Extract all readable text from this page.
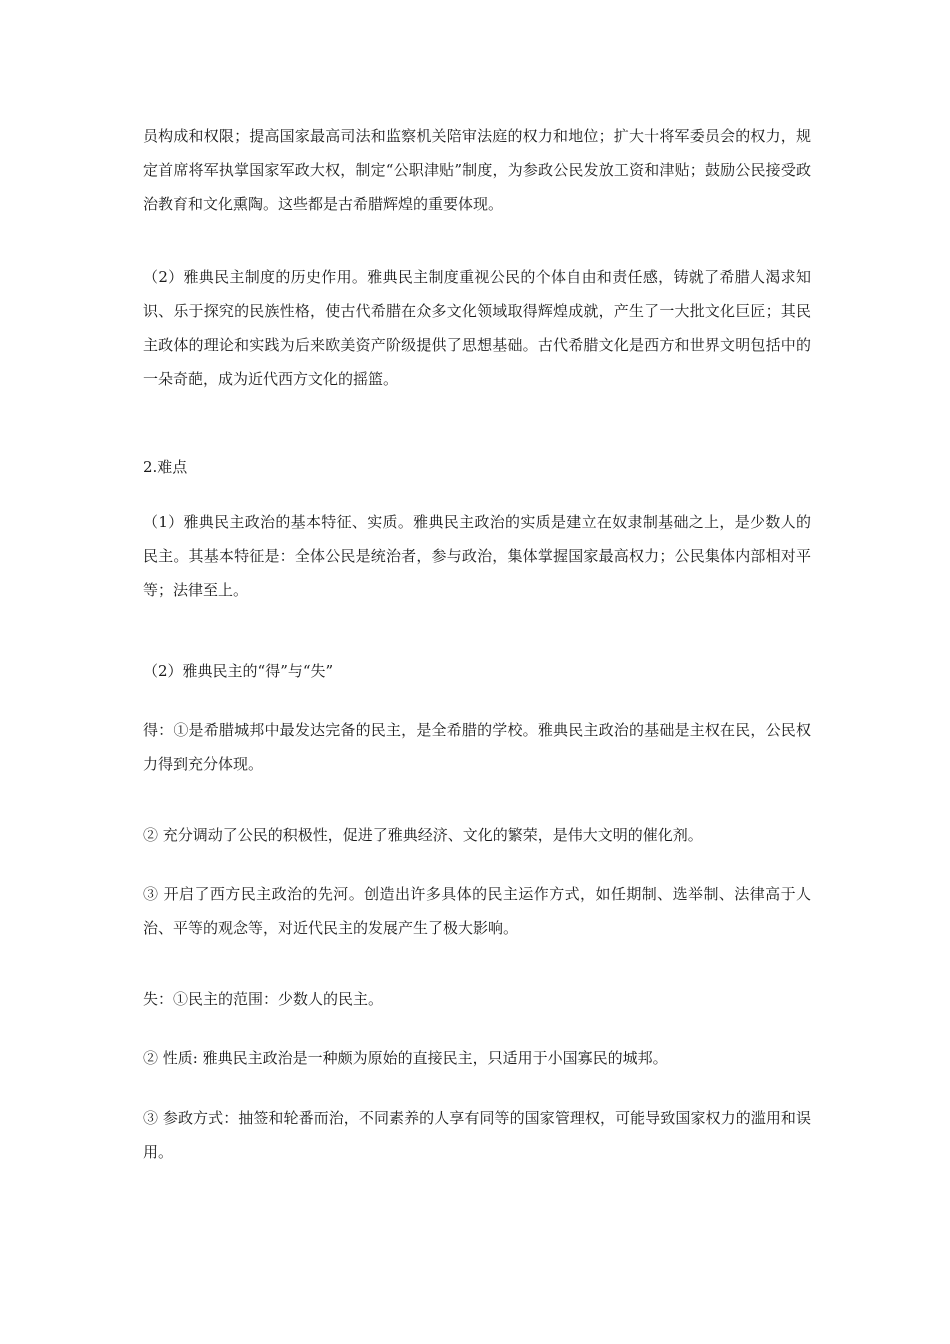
员构成和权限；提高国家最高司法和监察机关陪审法庭的权力和地位；扩大十将军委员会的权力，规定首席将军执掌国家军政大权，制定“公职津贴”制度，为参政公民发放工资和津贴；鼓励公民接受政治教育和文化熏陶。这些都是古希腊辉煌的重要体现。

（2）雅典民主制度的历史作用。雅典民主制度重视公民的个体自由和责任感，铸就了希腊人渴求知识、乐于探究的民族性格，使古代希腊在众多文化领域取得辉煌成就，产生了一大批文化巨匠；其民主政体的理论和实践为后来欧美资产阶级提供了思想基础。古代希腊文化是西方和世界文明包括中的一朵奇葩，成为近代西方文化的摇篮。

2.难点

（1）雅典民主政治的基本特征、实质。雅典民主政治的实质是建立在奴隶制基础之上，是少数人的民主。其基本特征是：全体公民是统治者，参与政治，集体掌握国家最高权力；公民集体内部相对平等；法律至上。

（2）雅典民主的“得”与“失”

得：①是希腊城邦中最发达完备的民主，是全希腊的学校。雅典民主政治的基础是主权在民，公民权力得到充分体现。

② 充分调动了公民的积极性，促进了雅典经济、文化的繁荣，是伟大文明的催化剂。

③ 开启了西方民主政治的先河。创造出许多具体的民主运作方式，如任期制、选举制、法律高于人治、平等的观念等，对近代民主的发展产生了极大影响。

失：①民主的范围：少数人的民主。

② 性质: 雅典民主政治是一种颇为原始的直接民主，只适用于小国寡民的城邦。

③ 参政方式：抽签和轮番而治，不同素养的人享有同等的国家管理权，可能导致国家权力的滥用和误用。
